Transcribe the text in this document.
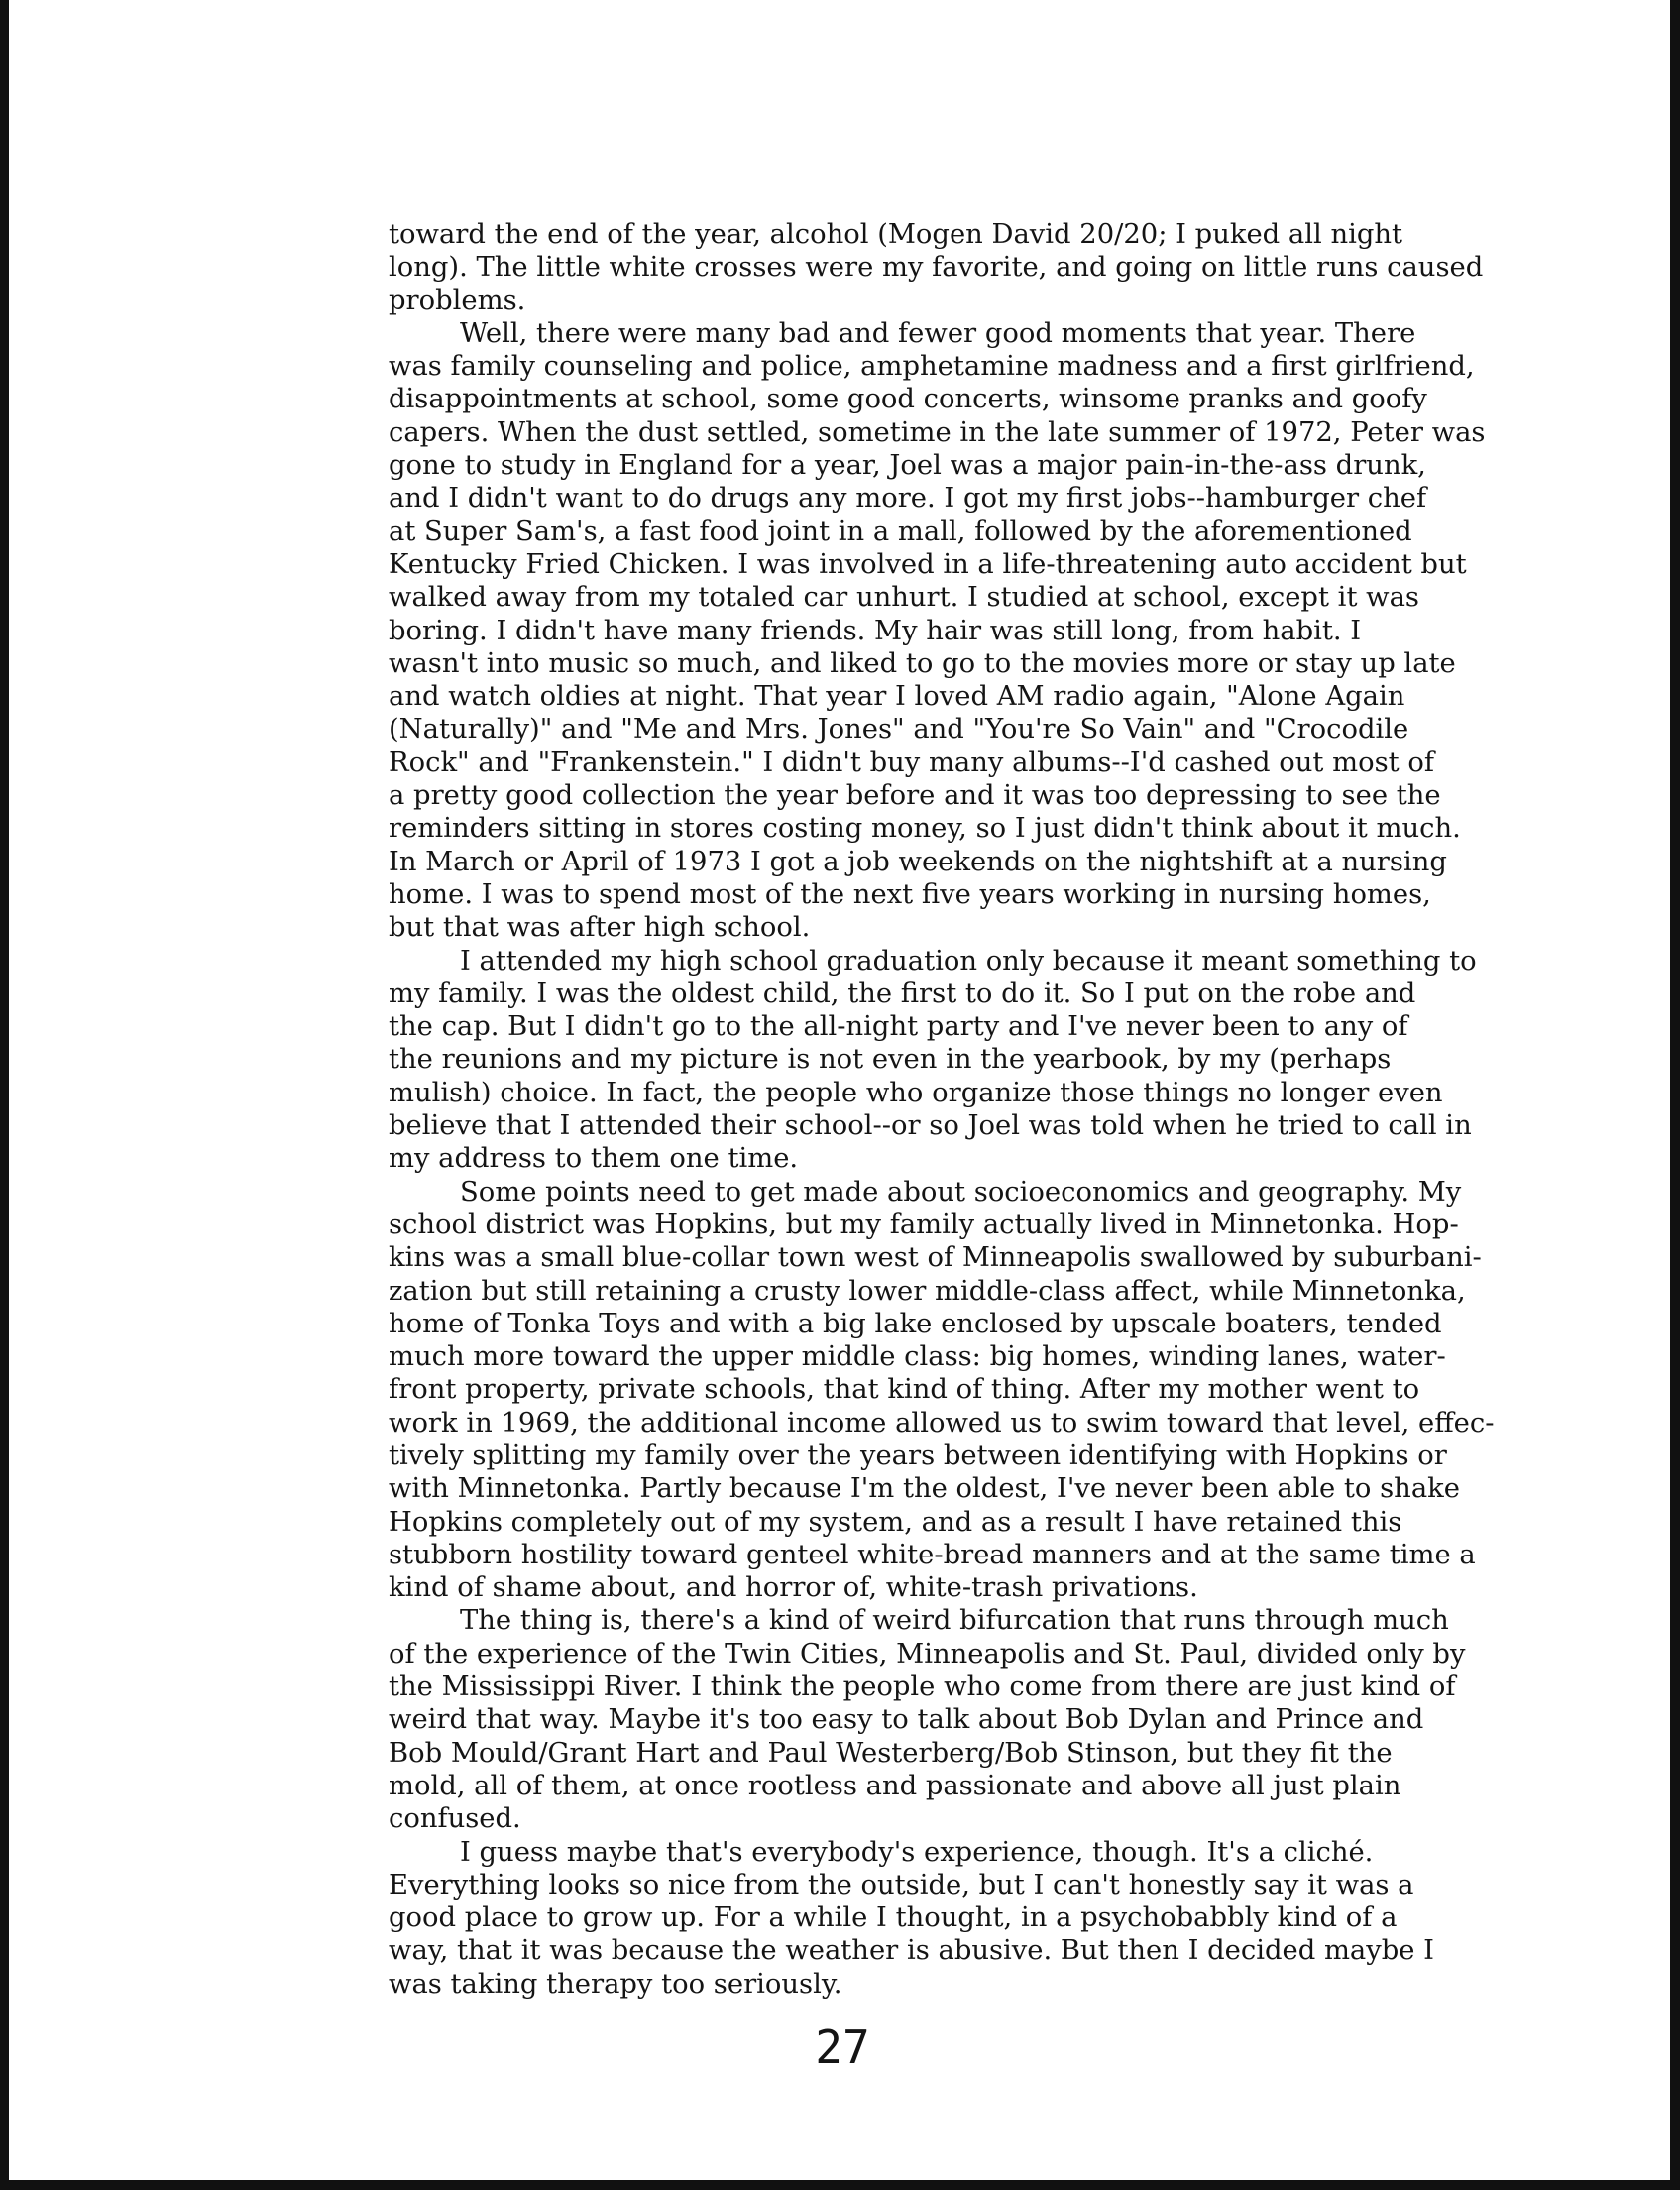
toward the end of the year, alcohol (Mogen David 20/20; I puked all night
long). The little white crosses were my favorite, and going on little runs caused
problems.
Well, there were many bad and fewer good moments that year. There
was family counseling and police, amphetamine madness and a first girlfriend,
disappointments at school, some good concerts, winsome pranks and goofy
capers. When the dust settled, sometime in the late summer of 1972, Peter was
gone to study in England for a year, Joel was a major pain-in-the-ass drunk,
and I didn't want to do drugs any more. I got my first jobs--hamburger chef
at Super Sam's, a fast food joint in a mall, followed by the aforementioned
Kentucky Fried Chicken. I was involved in a life-threatening auto accident but
walked away from my totaled car unhurt. I studied at school, except it was
boring. I didn't have many friends. My hair was still long, from habit. I
wasn't into music so much, and liked to go to the movies more or stay up late
and watch oldies at night. That year I loved AM radio again, "Alone Again
(Naturally)" and "Me and Mrs. Jones" and "You're So Vain" and "Crocodile
Rock" and "Frankenstein." I didn't buy many albums--I'd cashed out most of
a pretty good collection the year before and it was too depressing to see the
reminders sitting in stores costing money, so I just didn't think about it much.
In March or April of 1973 I got a job weekends on the nightshift at a nursing
home. I was to spend most of the next five years working in nursing homes,
but that was after high school.
I attended my high school graduation only because it meant something to
my family. I was the oldest child, the first to do it. So I put on the robe and
the cap. But I didn't go to the all-night party and I've never been to any of
the reunions and my picture is not even in the yearbook, by my (perhaps
mulish) choice. In fact, the people who organize those things no longer even
believe that I attended their school--or so Joel was told when he tried to call in
my address to them one time.
Some points need to get made about socioeconomics and geography. My
school district was Hopkins, but my family actually lived in Minnetonka. Hop-
kins was a small blue-collar town west of Minneapolis swallowed by suburbani-
zation but still retaining a crusty lower middle-class affect, while Minnetonka,
home of Tonka Toys and with a big lake enclosed by upscale boaters, tended
much more toward the upper middle class: big homes, winding lanes, water-
front property, private schools, that kind of thing. After my mother went to
work in 1969, the additional income allowed us to swim toward that level, effec-
tively splitting my family over the years between identifying with Hopkins or
with Minnetonka. Partly because I'm the oldest, I've never been able to shake
Hopkins completely out of my system, and as a result I have retained this
stubborn hostility toward genteel white-bread manners and at the same time a
kind of shame about, and horror of, white-trash privations.
The thing is, there's a kind of weird bifurcation that runs through much
of the experience of the Twin Cities, Minneapolis and St. Paul, divided only by
the Mississippi River. I think the people who come from there are just kind of
weird that way. Maybe it's too easy to talk about Bob Dylan and Prince and
Bob Mould/Grant Hart and Paul Westerberg/Bob Stinson, but they fit the
mold, all of them, at once rootless and passionate and above all just plain
confused.
I guess maybe that's everybody's experience, though. It's a cliché.
Everything looks so nice from the outside, but I can't honestly say it was a
good place to grow up. For a while I thought, in a psychobabbly kind of a
way, that it was because the weather is abusive. But then I decided maybe I
was taking therapy too seriously.
27
